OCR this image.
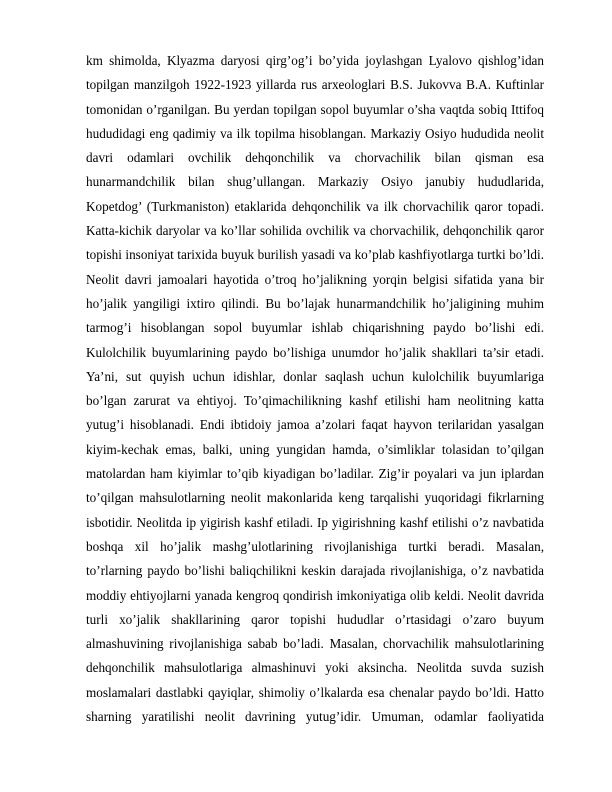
km shimolda, Klyazma daryosi qirg’og’i bo’yida joylashgan Lyalovo qishlog’idan
topilgan manzilgoh 1922-1923 yillarda rus arxeologlari B.S. Jukovva B.A. Kuftinlar
tomonidan o’rganilgan. Bu yerdan topilgan sopol buyumlar o’sha vaqtda sobiq Ittifoq
hududidagi eng qadimiy va ilk topilma hisoblangan. Markaziy Osiyo hududida neolit
davri odamlari ovchilik dehqonchilik va chorvachilik bilan qisman esa
hunarmandchilik bilan shug’ullangan. Markaziy Osiyo janubiy hududlarida,
Kopetdog’ (Turkmaniston) etaklarida dehqonchilik va ilk chorvachilik qaror topadi.
Katta-kichik daryolar va ko’llar sohilida ovchilik va chorvachilik, dehqonchilik qaror
topishi insoniyat tarixida buyuk burilish yasadi va ko’plab kashfiyotlarga turtki bo’ldi.
Neolit davri jamoalari hayotida o’troq ho’jalikning yorqin belgisi sifatida yana bir
ho’jalik yangiligi ixtiro qilindi. Bu bo’lajak hunarmandchilik ho’jaligining muhim
tarmog’i hisoblangan sopol buyumlar ishlab chiqarishning paydo bo’lishi edi.
Kulolchilik buyumlarining paydo bo’lishiga unumdor ho’jalik shakllari ta’sir etadi.
Ya’ni, sut quyish uchun idishlar, donlar saqlash uchun kulolchilik buyumlariga
bo’lgan zarurat va ehtiyoj. To’qimachilikning kashf etilishi ham neolitning katta
yutug’i hisoblanadi. Endi ibtidoiy jamoa a’zolari faqat hayvon terilaridan yasalgan
kiyim-kechak emas, balki, uning yungidan hamda, o’simliklar tolasidan to’qilgan
matolardan ham kiyimlar to’qib kiyadigan bo’ladilar. Zig’ir poyalari va jun iplardan
to’qilgan mahsulotlarning neolit makonlarida keng tarqalishi yuqoridagi fikrlarning
isbotidir. Neolitda ip yigirish kashf etiladi. Ip yigirishning kashf etilishi o’z navbatida
boshqa xil ho’jalik mashg’ulotlarining rivojlanishiga turtki beradi. Masalan,
to’rlarning paydo bo’lishi baliqchilikni keskin darajada rivojlanishiga, o’z navbatida
moddiy ehtiyojlarni yanada kengroq qondirish imkoniyatiga olib keldi. Neolit davrida
turli xo’jalik shakllarining qaror topishi hududlar o’rtasidagi o’zaro buyum
almashuvining rivojlanishiga sabab bo’ladi. Masalan, chorvachilik mahsulotlarining
dehqonchilik mahsulotlariga almashinuvi yoki aksincha. Neolitda suvda suzish
moslamalari dastlabki qayiqlar, shimoliy o’lkalarda esa chenalar paydo bo’ldi. Hatto
sharning yaratilishi neolit davrining yutug’idir. Umuman, odamlar faoliyatida
